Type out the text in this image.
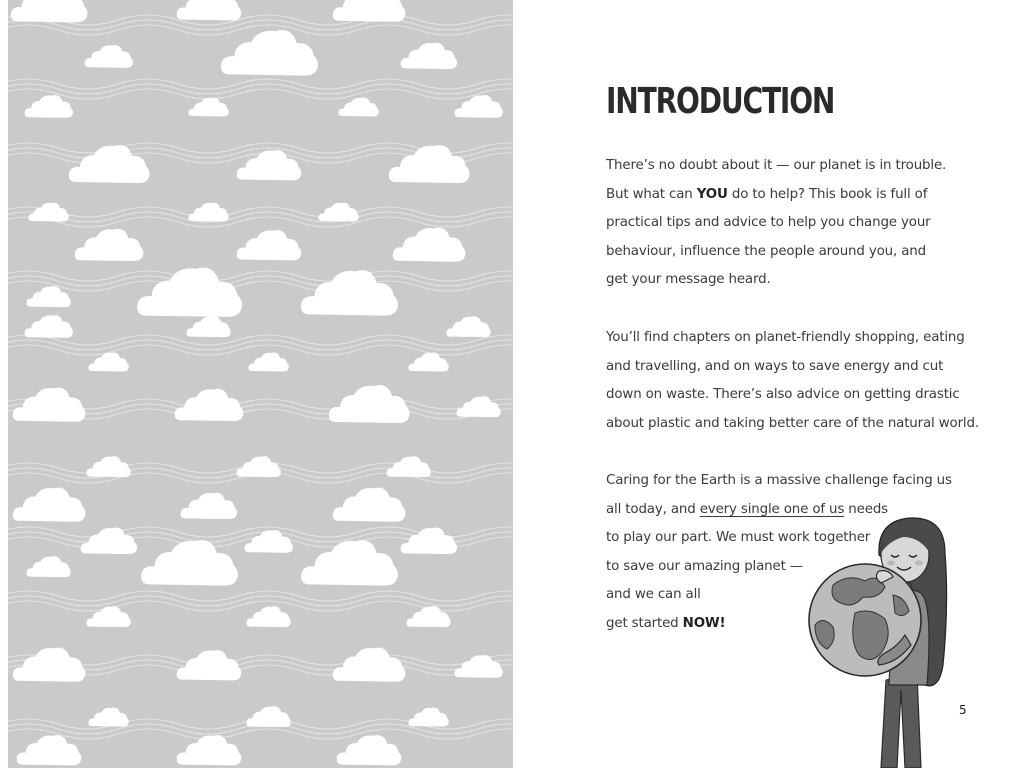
INTRODUCTION

There’s no doubt about it — our planet is in trouble.
But what can YOU do to help? This book is full of
practical tips and advice to help you change your
behaviour, influence the people around you, and
get your message heard.

You’ll find chapters on planet-friendly shopping, eating
and travelling, and on ways to save energy and cut
down on waste. There’s also advice on getting drastic
about plastic and taking better care of the natural world.

Caring for the Earth is a massive challenge facing us
all today, and every single one of us needs
to play our part. We must work together
to save our amazing planet —
and we can all
get started NOW!

5
